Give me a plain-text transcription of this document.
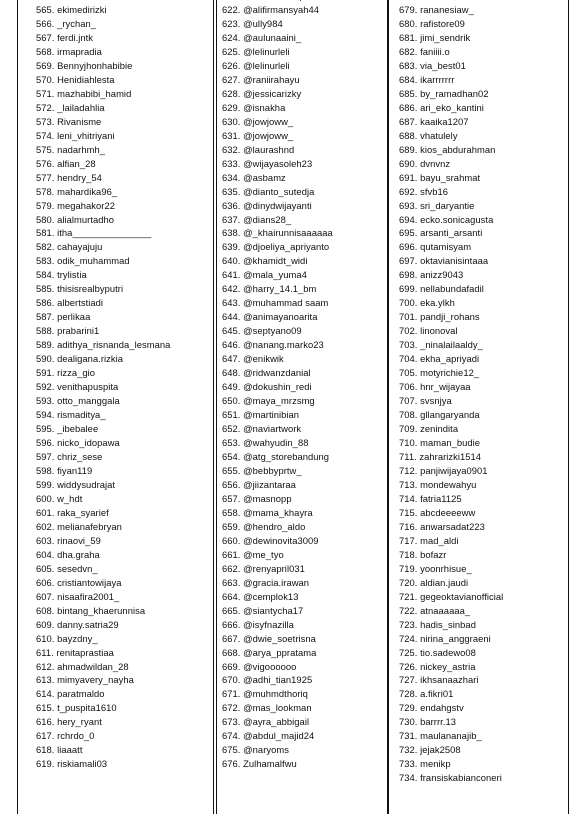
565. ekimedirizki
566. _rychan_
567. ferdi.jntk
568. irmapradia
569. Bennyjhonhabibie
570. Henidiahlesta
571. mazhabibi_hamid
572. _lailadahlia
573. Rivanisme
574. leni_vhitriyani
575. nadarhmh_
576. alfian_28
577. hendry_54
578. mahardika96_
579. megahakor22
580. alialmurtadho
581. itha_______________
582. cahayajuju
583. odik_muhammad
584. trylistia
585. thisisrealbyputri
586. albertstiadi
587. perlikaa
588. prabarini1
589. adithya_risnanda_lesmana
590. dealigana.rizkia
591. rizza_gio
592. venithapuspita
593. otto_manggala
594. rismaditya_
595. _ibebalee
596. nicko_idopawa
597. chriz_sese
598. fiyan119
599. widdysudrajat
600. w_hdt
601. raka_syarief
602. melianafebryan
603. rinaovi_59
604. dha.graha
605. sesedvn_
606. cristiantowijaya
607. nisaafira2001_
608. bintang_khaerunnisa
609. danny.satria29
610. bayzdny_
611. renitaprastiaa
612. ahmadwildan_28
613. mimyavery_nayha
614. paratmaldo
615. t_puspita1610
616. hery_ryant
617. rchrdo_0
618. liaaatt
619. riskiamali03
622. @alifirmansyah44
623. @ully984
624. @aulunaaini_
625. @lelinurleli
626. @lelinurleli
627. @raniirahayu
628. @jessicarizky
629. @isnakha
630. @jowjoww_
631. @jowjoww_
632. @laurashnd
633. @wijayasoleh23
634. @asbamz
635. @dianto_sutedja
636. @dinydwijayanti
637. @dians28_
638. @_khairunnisaaaaaa
639. @djoeliya_apriyanto
640. @khamidt_widi
641. @mala_yuma4
642. @harry_14.1_bm
643. @muhammad saam
644. @animayanoarita
645. @septyano09
646. @nanang.marko23
647. @enikwik
648. @ridwanzdanial
649. @dokushin_redi
650. @maya_mrzsmg
651. @martinibian
652. @naviartwork
653. @wahyudin_88
654. @atg_storebandung
655. @bebbyprtw_
656. @jiizantaraa
657. @masnopp
658. @mama_khayra
659. @hendro_aldo
660. @dewinovita3009
661. @me_tyo
662. @renyapril031
663. @gracia.irawan
664. @cemplok13
665. @siantycha17
666. @isyfnazilla
667. @dwie_soetrisna
668. @arya_ppratama
669. @vigoooooo
670. @adhi_tian1925
671. @muhmdthoriq
672. @mas_lookman
673. @ayra_abbigail
674. @abdul_majid24
675. @naryoms
676. Zulhamalfwu
679. rananesiaw_
680. rafistore09
681. jimi_sendrik
682. faniiii.o
683. via_best01
684. ikarrrrrrr
685. by_ramadhan02
686. ari_eko_kantini
687. kaaika1207
688. vhatulely
689. kios_abdurahman
690. dvnvnz
691. bayu_srahmat
692. sfvb16
693. sri_daryantie
694. ecko.sonicagusta
695. arsanti_arsanti
696. qutamisyam
697. oktavianisintaaa
698. anizz9043
699. nellabundafadil
700. eka.ylkh
701. pandji_rohans
702. linonoval
703. _ninalailaaldy_
704. ekha_apriyadi
705. motyrichie12_
706. hnr_wijayaa
707. svsnjya
708. gllangaryanda
709. zenindita
710. maman_budie
711. zahrarizki1514
712. panjiwijaya0901
713. mondewahyu
714. fatria1125
715. abcdeeeeww
716. anwarsadat223
717. mad_aldi
718. bofazr
719. yoonrhisue_
720. aldian.jaudi
721. gegeoktavianofficial
722. atnaaaaaa_
723. hadis_sinbad
724. nirina_anggraeni
725. tio.sadewo08
726. nickey_astria
727. ikhsanaazhari
728. a.fikri01
729. endahgstv
730. barrrr.13
731. maulananajib_
732. jejak2508
733. menikp
734. fransiskabianconeri
